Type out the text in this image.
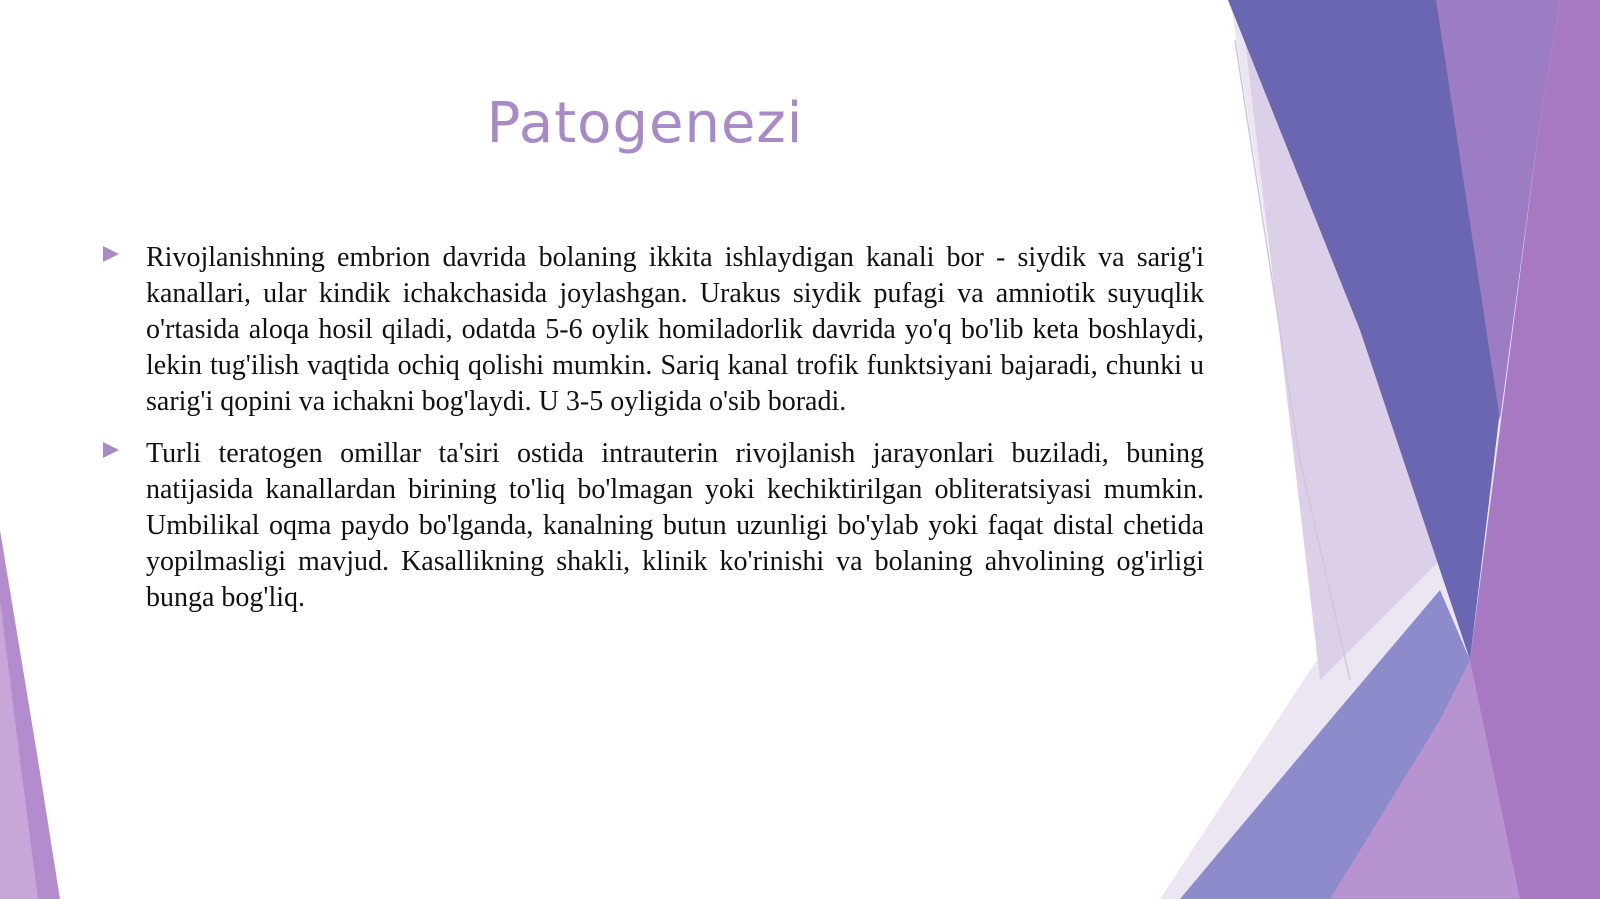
Patogenezi

Rivojlanishning embrion davrida bolaning ikkita ishlaydigan kanali bor - siydik va sarig'i kanallari, ular kindik ichakchasida joylashgan. Urakus siydik pufagi va amniotik suyuqlik o'rtasida aloqa hosil qiladi, odatda 5-6 oylik homiladorlik davrida yo'q bo'lib keta boshlaydi, lekin tug'ilish vaqtida ochiq qolishi mumkin. Sariq kanal trofik funktsiyani bajaradi, chunki u sarig'i qopini va ichakni bog'laydi. U 3-5 oyligida o'sib boradi.

Turli teratogen omillar ta'siri ostida intrauterin rivojlanish jarayonlari buziladi, buning natijasida kanallardan birining to'liq bo'lmagan yoki kechiktirilgan obliteratsiyasi mumkin. Umbilikal oqma paydo bo'lganda, kanalning butun uzunligi bo'ylab yoki faqat distal chetida yopilmasligi mavjud. Kasallikning shakli, klinik ko'rinishi va bolaning ahvolining og'irligi bunga bog'liq.
